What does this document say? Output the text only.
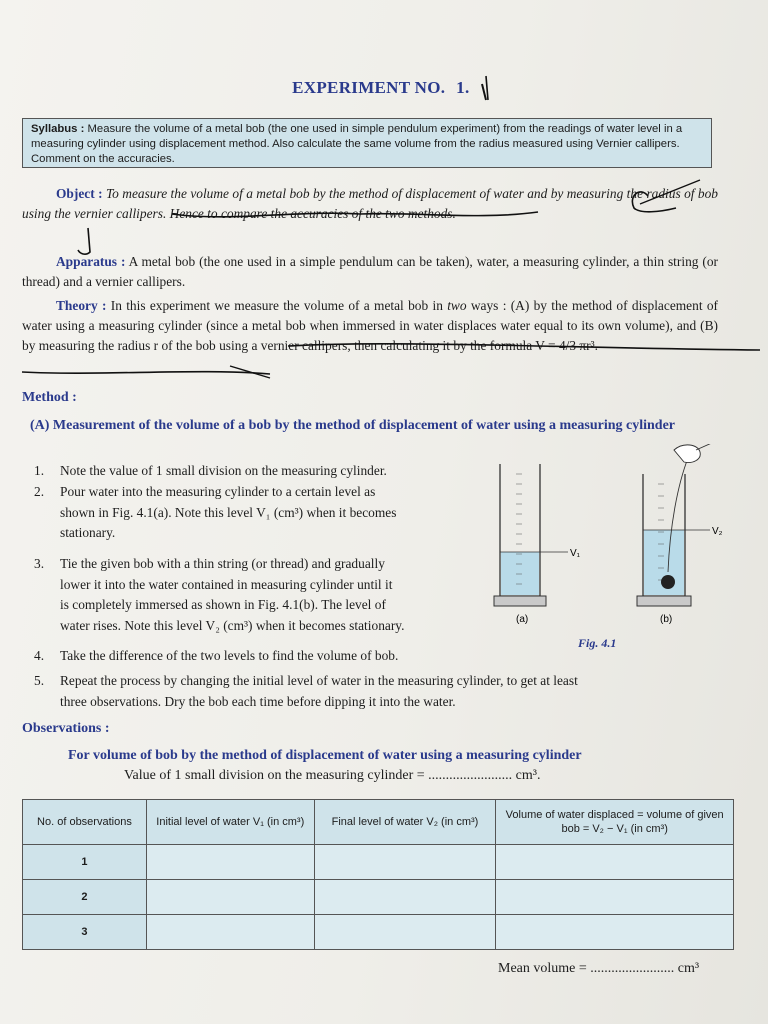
EXPERIMENT NO. 1.
Syllabus : Measure the volume of a metal bob (the one used in simple pendulum experiment) from the readings of water level in a measuring cylinder using displacement method. Also calculate the same volume from the radius measured using Vernier callipers. Comment on the accuracies.
Object : To measure the volume of a metal bob by the method of displacement of water and by measuring the radius of bob using the vernier callipers. Hence to compare the accuracies of the two methods.
Apparatus : A metal bob (the one used in a simple pendulum can be taken), water, a measuring cylinder, a thin string (or thread) and a vernier callipers.
Theory : In this experiment we measure the volume of a metal bob in two ways : (A) by the method of displacement of water using a measuring cylinder (since a metal bob when immersed in water displaces water equal to its own volume), and (B) by measuring the radius r of the bob using a vernier callipers, then calculating it by the formula V = 4/3 πr³.
Method :
(A) Measurement of the volume of a bob by the method of displacement of water using a measuring cylinder
1.	Note the value of 1 small division on the measuring cylinder.
2.	Pour water into the measuring cylinder to a certain level as
shown in Fig. 4.1(a). Note this level V₁ (cm³) when it becomes
stationary.
3.	Tie the given bob with a thin string (or thread) and gradually
lower it into the water contained in measuring cylinder until it
is completely immersed as shown in Fig. 4.1(b). The level of
water rises. Note this level V₂ (cm³) when it becomes stationary.
4.	Take the difference of the two levels to find the volume of bob.
5.	Repeat the process by changing the initial level of water in the measuring cylinder, to get at least
three observations. Dry the bob each time before dipping it into the water.
V₁
V₂
(a)	(b)
Fig. 4.1
Observations :
For volume of bob by the method of displacement of water using a measuring cylinder
Value of 1 small division on the measuring cylinder = ........................ cm³.
No. of observations	Initial level of water V₁ (in cm³)	Final level of water V₂ (in cm³)	Volume of water displaced = volume of given bob = V₂ − V₁ (in cm³)
1			
2			
3			
Mean volume = ........................ cm³
